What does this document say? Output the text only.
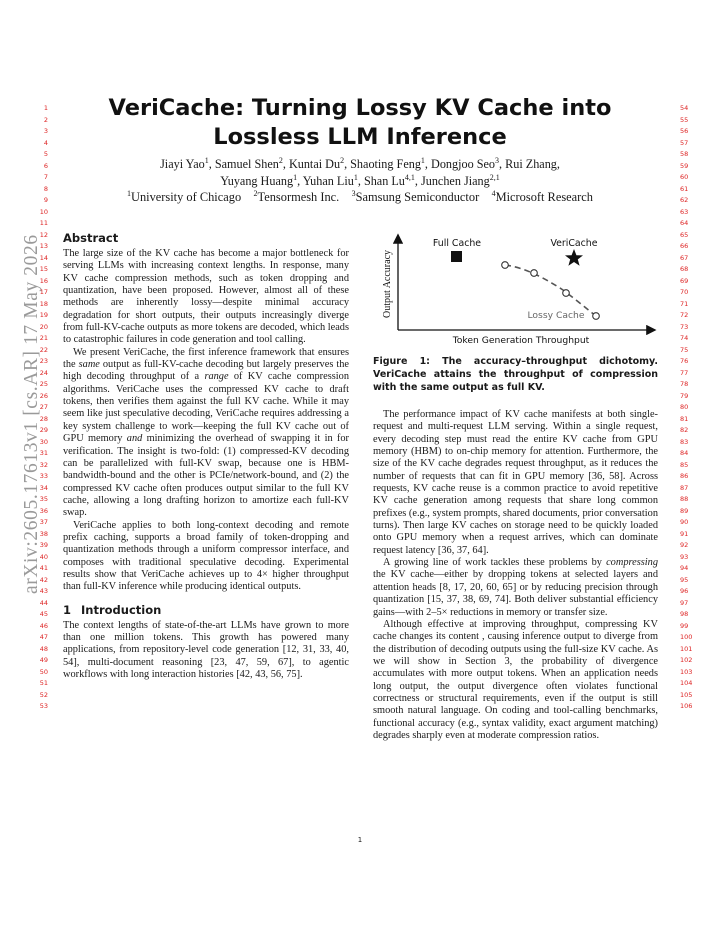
arXiv:2605.17613v1 [cs.AR] 17 May 2026
1
2
3
4
5
6
7
8
9
10
11
12
13
14
15
16
17
18
19
20
21
22
23
24
25
26
27
28
29
30
31
32
33
34
35
36
37
38
39
40
41
42
43
44
45
46
47
48
49
50
51
52
53
54
55
56
57
58
59
60
61
62
63
64
65
66
67
68
69
70
71
72
73
74
75
76
77
78
79
80
81
82
83
84
85
86
87
88
89
90
91
92
93
94
95
96
97
98
99
100
101
102
103
104
105
106
VeriCache: Turning Lossy KV Cache into Lossless LLM Inference
Jiayi Yao$^1$, Samuel Shen$^2$, Kuntai Du$^2$, Shaoting Feng$^1$, Dongjoo Seo$^3$, Rui Zhang,
Yuyang Huang$^1$, Yuhan Liu$^1$, Shan Lu$^{4,1}$, Junchen Jiang$^{2,1}$
$^1$University of Chicago  $^2$Tensormesh Inc.  $^3$Samsung Semiconductor  $^4$Microsoft Research
Abstract

The large size of the KV cache has become a major bottleneck for serving LLMs with increasing context lengths. In response, many KV cache compression methods, such as token dropping and quantization, have been proposed. However, almost all of these methods are inherently lossy—despite minimal accuracy degradation for short outputs, their outputs increasingly diverge from full-KV-cache outputs as more tokens are decoded, which leads to catastrophic failures in code generation and tool calling.

We present VeriCache, the first inference framework that ensures the same output as full-KV-cache decoding but largely preserves the high decoding throughput of a range of KV cache compression algorithms. VeriCache uses the compressed KV cache to draft tokens, then verifies them against the full KV cache. While it may seem like just speculative decoding, VeriCache requires addressing a key system challenge to work—keeping the full KV cache out of GPU memory and minimizing the overhead of swapping it in for verification. The insight is two-fold: (1) compressed-KV decoding can be parallelized with full-KV swap, because one is HBM-bandwidth-bound and the other is PCIe/network-bound, and (2) the compressed KV cache often produces output similar to the full KV cache, allowing a long drafting horizon to amortize each full-KV swap.

VeriCache applies to both long-context decoding and remote prefix caching, supports a broad family of token-dropping and quantization methods through a uniform compressor interface, and composes with traditional speculative decoding. Experimental results show that VeriCache achieves up to 4× higher throughput than full-KV inference while producing identical outputs.

1 Introduction

The context lengths of state-of-the-art LLMs have grown to more than one million tokens. This growth has powered many applications, from repository-level code generation [12, 31, 33, 40, 54], multi-document reasoning [23, 47, 59, 67], to agentic workflows with long interaction histories [42, 43, 56, 75].

Output Accuracy
Token Generation Throughput
Full Cache	VeriCache
Lossy Cache
Figure 1: The accuracy–throughput dichotomy. VeriCache attains the throughput of compression with the same output as full KV.

The performance impact of KV cache manifests at both single-request and multi-request LLM serving. Within a single request, every decoding step must read the entire KV cache from GPU memory (HBM) to on-chip memory for attention. Furthermore, the size of the KV cache degrades request throughput, as it reduces the number of requests that can fit in GPU memory [36, 58]. Across requests, KV cache reuse is a common practice to avoid repetitive KV cache generation among requests that share long common prefixes (e.g., system prompts, shared documents, prior conversation turns). Then large KV caches on storage need to be quickly loaded onto GPU memory when a request arrives, which can dominate request latency [36, 37, 64].

A growing line of work tackles these problems by compressing the KV cache—either by dropping tokens at selected layers and attention heads [8, 17, 20, 60, 65] or by reducing precision through quantization [15, 37, 38, 69, 74]. Both deliver substantial efficiency gains—with 2–5× reductions in memory or transfer size.

Although effective at improving throughput, compressing KV cache changes its content , causing inference output to diverge from the distribution of decoding outputs using the full-size KV cache. As we will show in Section 3, the probability of divergence accumulates with more output tokens. When an application needs long output, the output divergence often violates functional correctness or structural requirements, even if the output is still smooth natural language. On coding and tool-calling benchmarks, functional accuracy (e.g., syntax validity, exact argument matching) degrades sharply even at moderate compression ratios.

1
